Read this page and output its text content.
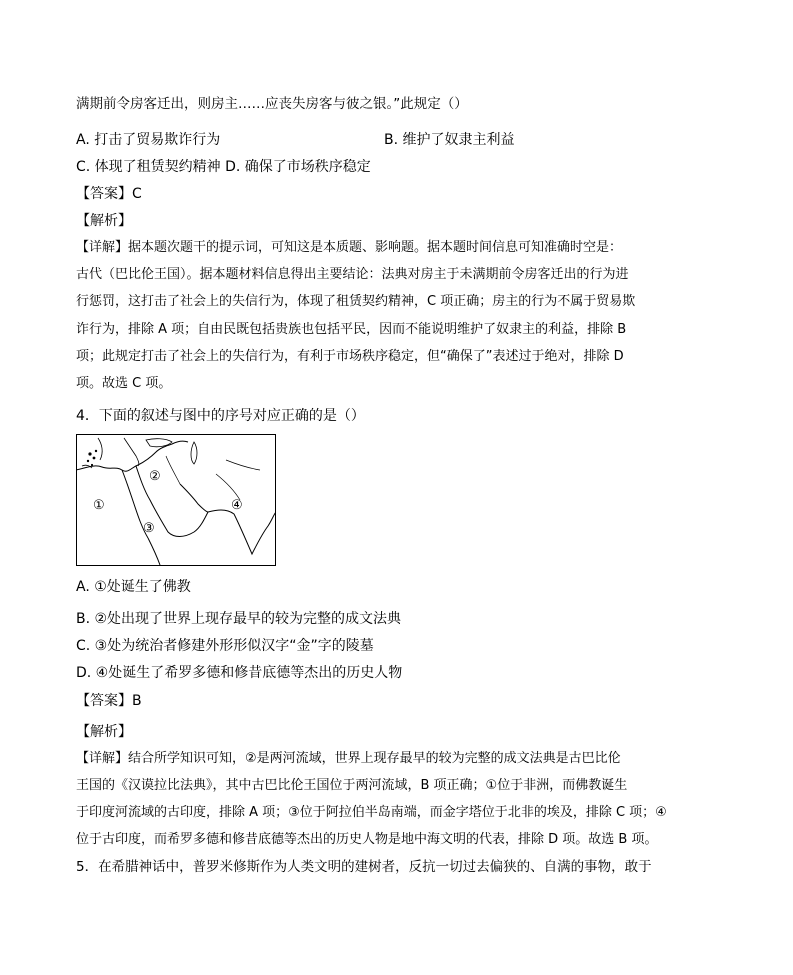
满期前令房客迁出，则房主……应丧失房客与彼之银。”此规定（）
A. 打击了贸易欺诈行为	B. 维护了奴隶主利益
C. 体现了租赁契约精神 D. 确保了市场秩序稳定
【答案】C
【解析】
【详解】据本题次题干的提示词，可知这是本质题、影响题。据本题时间信息可知准确时空是：
古代（巴比伦王国）。据本题材料信息得出主要结论：法典对房主于未满期前令房客迁出的行为进
行惩罚，这打击了社会上的失信行为，体现了租赁契约精神，C 项正确；房主的行为不属于贸易欺
诈行为，排除 A 项；自由民既包括贵族也包括平民，因而不能说明维护了奴隶主的利益，排除 B
项；此规定打击了社会上的失信行为，有利于市场秩序稳定，但“确保了”表述过于绝对，排除 D
项。故选 C 项。
4．下面的叙述与图中的序号对应正确的是（）
①
②
③
④
A. ①处诞生了佛教
B. ②处出现了世界上现存最早的较为完整的成文法典
C. ③处为统治者修建外形形似汉字“金”字的陵墓
D. ④处诞生了希罗多德和修昔底德等杰出的历史人物
【答案】B
【解析】
【详解】结合所学知识可知，②是两河流域，世界上现存最早的较为完整的成文法典是古巴比伦
王国的《汉谟拉比法典》，其中古巴比伦王国位于两河流域，B 项正确；①位于非洲，而佛教诞生
于印度河流域的古印度，排除 A 项；③位于阿拉伯半岛南端，而金字塔位于北非的埃及，排除 C 项；④
位于古印度，而希罗多德和修昔底德等杰出的历史人物是地中海文明的代表，排除 D 项。故选 B 项。
5．在希腊神话中，普罗米修斯作为人类文明的建树者，反抗一切过去偏狭的、自满的事物，敢于
